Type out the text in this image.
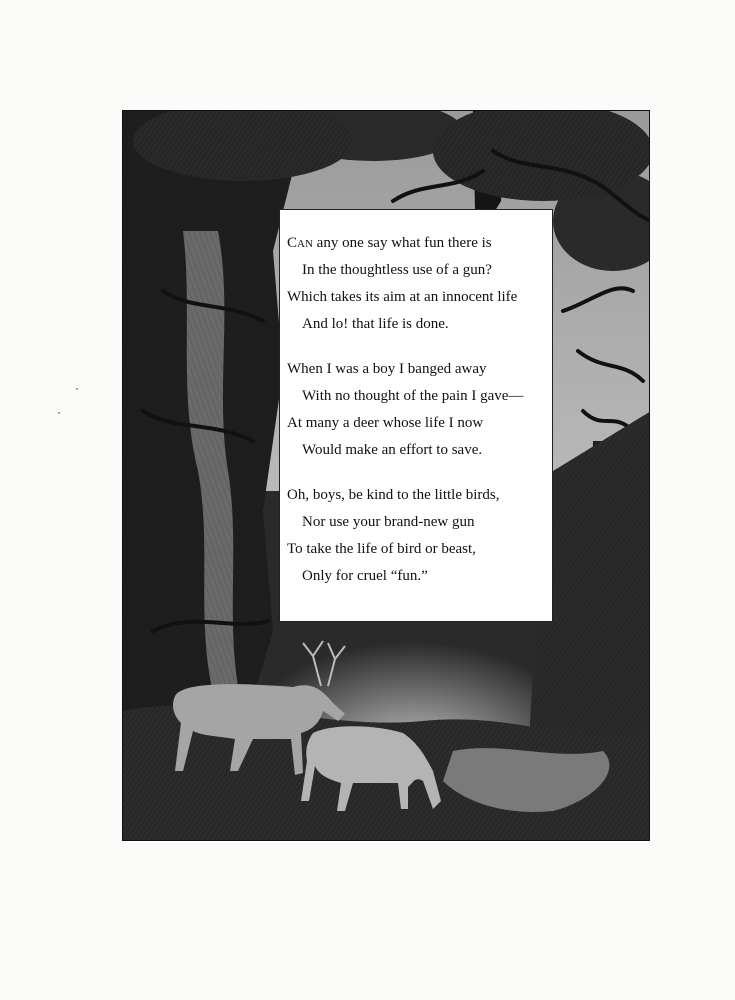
Can any one say what fun there is
In the thoughtless use of a gun?
Which takes its aim at an innocent life
And lo! that life is done.
When I was a boy I banged away
With no thought of the pain I gave—
At many a deer whose life I now
Would make an effort to save.
Oh, boys, be kind to the little birds,
Nor use your brand-new gun
To take the life of bird or beast,
Only for cruel “fun.”
